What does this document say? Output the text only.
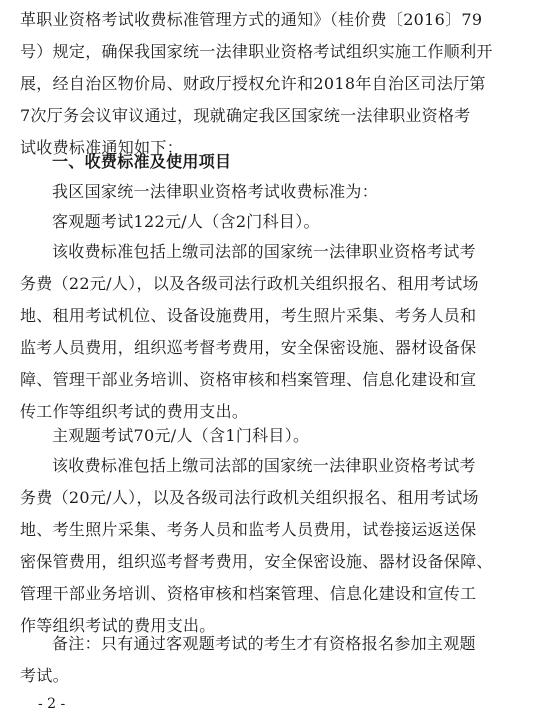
革职业资格考试收费标准管理方式的通知》（桂价费〔2016〕79
号）规定，确保我国家统一法律职业资格考试组织实施工作顺利开
展，经自治区物价局、财政厅授权允许和2018年自治区司法厅第
7次厅务会议审议通过，现就确定我区国家统一法律职业资格考
试收费标准通知如下：

一、收费标准及使用项目

我区国家统一法律职业资格考试收费标准为：

客观题考试122元/人（含2门科目）。

该收费标准包括上缴司法部的国家统一法律职业资格考试考
务费（22元/人），以及各级司法行政机关组织报名、租用考试场
地、租用考试机位、设备设施费用，考生照片采集、考务人员和
监考人员费用，组织巡考督考费用，安全保密设施、器材设备保
障、管理干部业务培训、资格审核和档案管理、信息化建设和宣
传工作等组织考试的费用支出。

主观题考试70元/人（含1门科目）。

该收费标准包括上缴司法部的国家统一法律职业资格考试考
务费（20元/人），以及各级司法行政机关组织报名、租用考试场
地、考生照片采集、考务人员和监考人员费用，试卷接运返送保
密保管费用，组织巡考督考费用，安全保密设施、器材设备保障、
管理干部业务培训、资格审核和档案管理、信息化建设和宣传工
作等组织考试的费用支出。

备注：只有通过客观题考试的考生才有资格报名参加主观题
考试。

- 2 -
